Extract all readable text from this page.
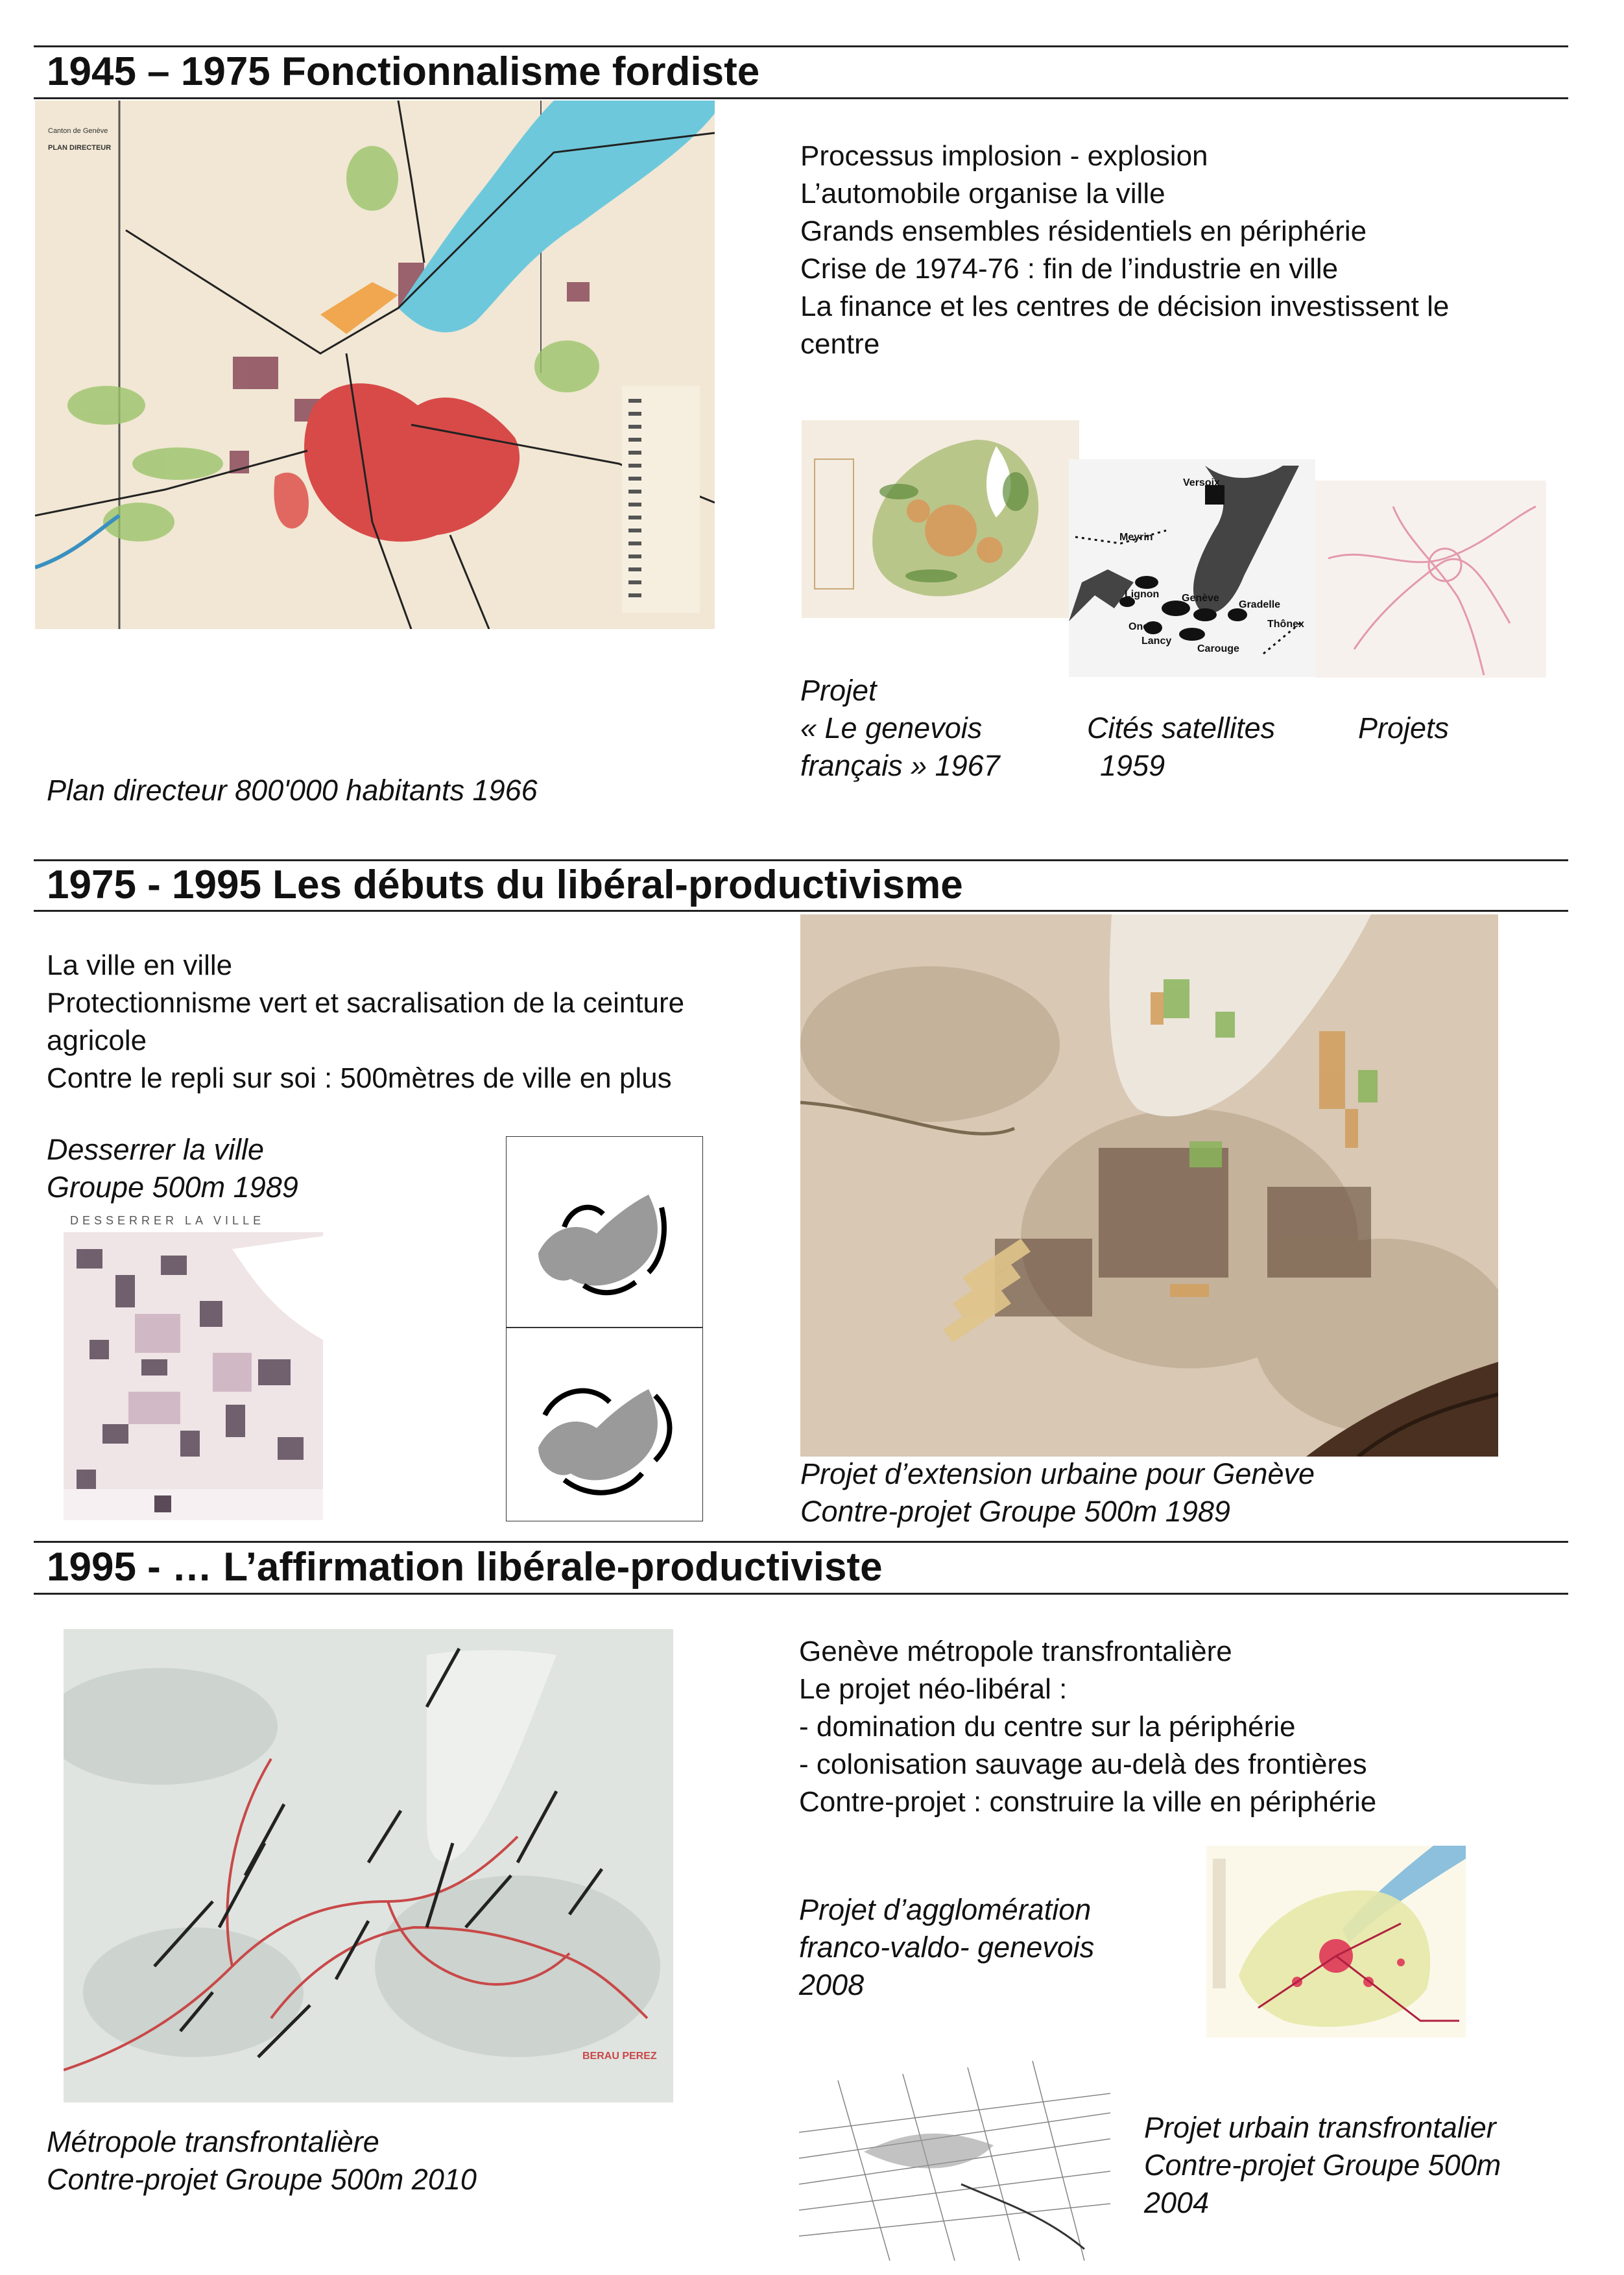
1945 – 1975 Fonctionnalisme fordiste
Canton de Genève
PLAN DIRECTEUR	Processus implosion - explosion
L’automobile organise la ville
Grands ensembles résidentiels en périphérie
Crise de 1974-76 : fin de l’industrie en ville
La finance et les centres de décision investissent le
centre
Versoix
Meyrin
Lignon Genève
Gradelle
Onex	Thônex
Lancy
Carouge
Projet
« Le genevois
français » 1967
Cités satellites
1959
Projets
Plan directeur 800'000 habitants 1966
1975 - 1995 Les débuts du libéral-productivisme
La ville en ville
Protectionnisme vert et sacralisation de la ceinture
agricole
Contre le repli sur soi : 500mètres de ville en plus
Desserrer la ville
Groupe 500m 1989
DESSERRER LA VILLE
Projet d’extension urbaine pour Genève
Contre-projet Groupe 500m 1989
1995 - … L’affirmation libérale-productiviste
BERAU PEREZ
Genève métropole transfrontalière
Le projet néo-libéral :
- domination du centre sur la périphérie
- colonisation sauvage au-delà des frontières
Contre-projet : construire la ville en périphérie
Projet d’agglomération
franco-valdo- genevois
2008
Métropole transfrontalière
Contre-projet Groupe 500m 2010
Projet urbain transfrontalier
Contre-projet Groupe 500m
2004
